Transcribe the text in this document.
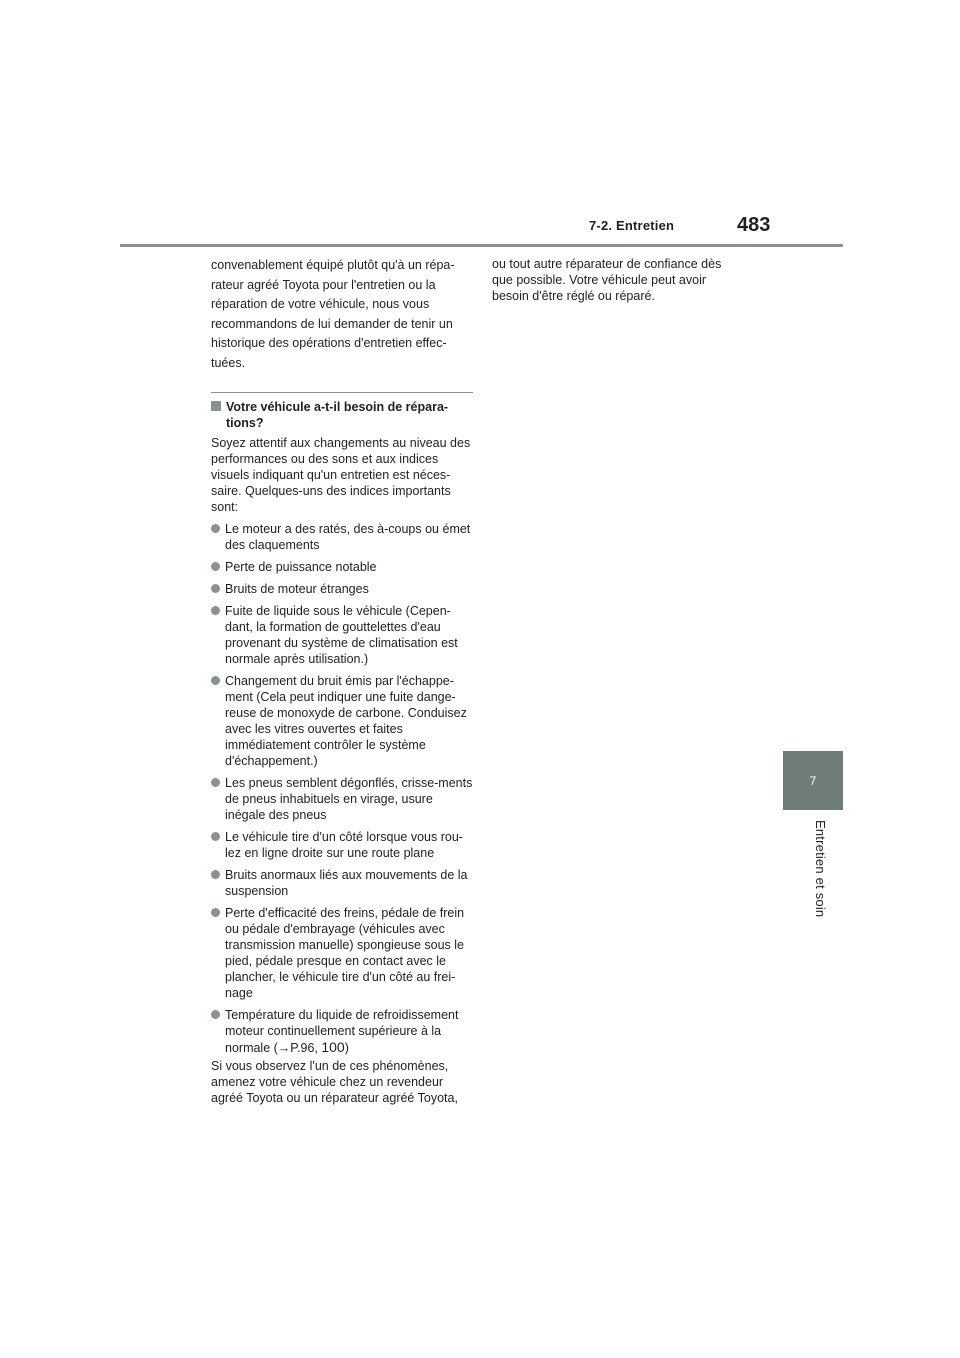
7-2. Entretien	483
7
Entretien et soin

convenablement équipé plutôt qu'à un répa-

rateur agréé Toyota pour l'entretien ou la

réparation de votre véhicule, nous vous

recommandons de lui demander de tenir un

historique des opérations d'entretien effec-

tuées.

Votre véhicule a-t-il besoin de répara-tions?

Soyez attentif aux changements au niveau des performances ou des sons et aux indices visuels indiquant qu'un entretien est néces-saire. Quelques-uns des indices importants sont:

Le moteur a des ratés, des à-coups ou émet des claquements
Perte de puissance notable
Bruits de moteur étranges
Fuite de liquide sous le véhicule (Cepen-dant, la formation de gouttelettes d'eau provenant du système de climatisation est normale après utilisation.)
Changement du bruit émis par l'échappe-ment (Cela peut indiquer une fuite dange-reuse de monoxyde de carbone. Conduisez avec les vitres ouvertes et faites immédiatement contrôler le système d'échappement.)
Les pneus semblent dégonflés, crisse-ments de pneus inhabituels en virage, usure inégale des pneus
Le véhicule tire d'un côté lorsque vous rou-lez en ligne droite sur une route plane
Bruits anormaux liés aux mouvements de la suspension
Perte d'efficacité des freins, pédale de frein ou pédale d'embrayage (véhicules avec transmission manuelle) spongieuse sous le pied, pédale presque en contact avec le plancher, le véhicule tire d'un côté au frei-nage
Température du liquide de refroidissement moteur continuellement supérieure à la normale (→P.96, 100)

Si vous observez l'un de ces phénomènes, amenez votre véhicule chez un revendeur agréé Toyota ou un réparateur agréé Toyota,

ou tout autre réparateur de confiance dès que possible. Votre véhicule peut avoir besoin d'être réglé ou réparé.
